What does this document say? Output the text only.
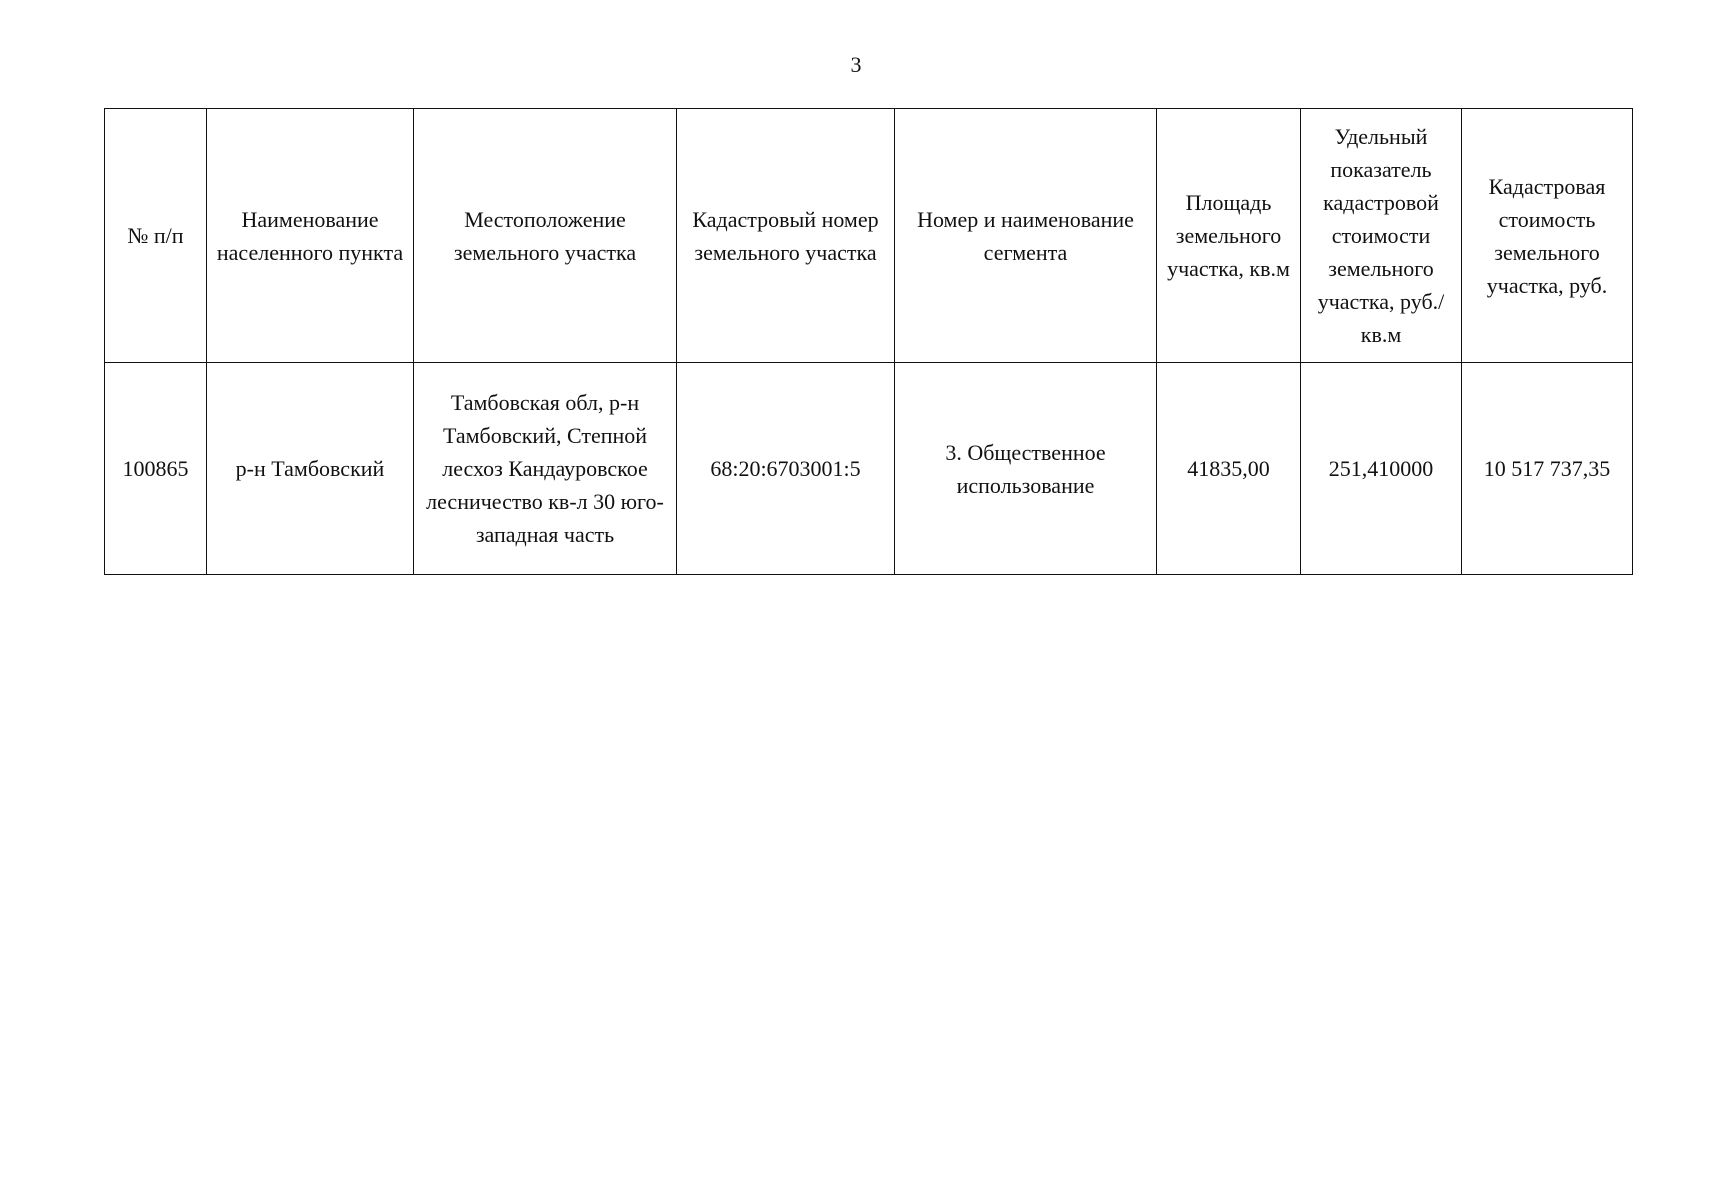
3
№ п/п	Наименование населенного пункта	Местоположение земельного участка	Кадастровый номер земельного участка	Номер и наименование сегмента	Площадь земельного участка, кв.м	Удельный показатель кадастровой стоимости земельного участка, руб./кв.м	Кадастровая стоимость земельного участка, руб.
100865	р-н Тамбовский	Тамбовская обл, р-н Тамбовский, Степной лесхоз Кандауровское лесничество кв-л 30 юго-западная часть	68:20:6703001:5	3. Общественное использование	41835,00	251,410000	10 517 737,35
